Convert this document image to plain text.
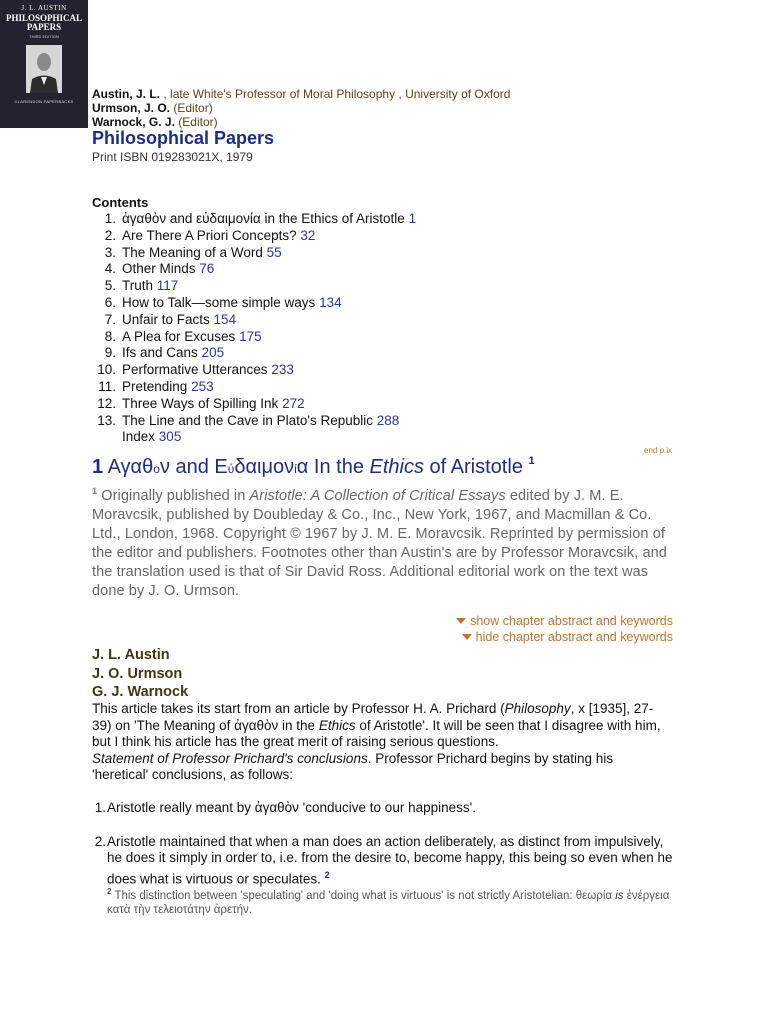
J. L. AUSTIN
PHILOSOPHICAL
PAPERS
THIRD EDITION
CLARENDON PAPERBACKS
Austin, J. L. , late White's Professor of Moral Philosophy , University of Oxford
Urmson, J. O. (Editor)
Warnock, G. J. (Editor)
Philosophical Papers
Print ISBN 019283021X, 1979
Contents
1. ἀγαθὸν and εὐδαιμονία in the Ethics of Aristotle 1
2. Are There A Priori Concepts? 32
3. The Meaning of a Word 55
4. Other Minds 76
5. Truth 117
6. How to Talk—some simple ways 134
7. Unfair to Facts 154
8. A Plea for Excuses 175
9. Ifs and Cans 205
10. Performative Utterances 233
11. Pretending 253
12. Three Ways of Spilling Ink 272
13. The Line and the Cave in Plato's Republic 288
Index 305
end p.ix
1 Αγαθον and Εὐδαιμονία In the Ethics of Aristotle $^1$
$^1$ Originally published in Aristotle: A Collection of Critical Essays edited by J. M. E. Moravcsik, published by Doubleday & Co., Inc., New York, 1967, and Macmillan & Co. Ltd., London, 1968. Copyright © 1967 by J. M. E. Moravcsik. Reprinted by permission of the editor and publishers. Footnotes other than Austin's are by Professor Moravcsik, and the translation used is that of Sir David Ross. Additional editorial work on the text was done by J. O. Urmson.
show chapter abstract and keywords
hide chapter abstract and keywords
J. L. Austin
J. O. Urmson
G. J. Warnock
This article takes its start from an article by Professor H. A. Prichard (Philosophy, x [1935], 27-39) on 'The Meaning of ἀγαθὸν in the Ethics of Aristotle'. It will be seen that I disagree with him, but I think his article has the great merit of raising serious questions.
Statement of Professor Prichard's conclusions. Professor Prichard begins by stating his 'heretical' conclusions, as follows:
1. Aristotle really meant by ἀγαθὸν 'conducive to our happiness'.
2. Aristotle maintained that when a man does an action deliberately, as distinct from impulsively, he does it simply in order to, i.e. from the desire to, become happy, this being so even when he does what is virtuous or speculates. $^2$
$^2$ This distinction between 'speculating' and 'doing what is virtuous' is not strictly Aristotelian: θεωρία is ἐνέργεια κατὰ τὴν τελειοτάτην ἀρετήν.
